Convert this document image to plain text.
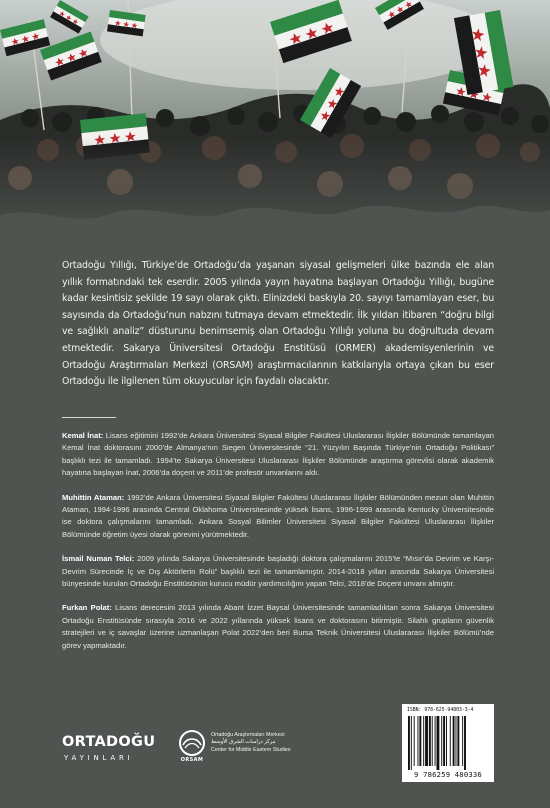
Ortadoğu Yıllığı, Türkiye’de Ortadoğu’da yaşanan siyasal gelişmeleri ülke bazında ele alan yıllık formatındaki tek eserdir. 2005 yılında yayın hayatına başlayan Ortadoğu Yıllığı, bugüne kadar kesintisiz şekilde 19 sayı olarak çıktı. Elinizdeki baskıyla 20. sayıyı tamamlayan eser, bu sayısında da Ortadoğu’nun nabzını tutmaya devam etmektedir. İlk yıldan itibaren “doğru bilgi ve sağlıklı analiz” düsturunu benimsemiş olan Ortadoğu Yıllığı yoluna bu doğrultuda devam etmektedir. Sakarya Üniversitesi Ortadoğu Enstitüsü (ORMER) akademisyenlerinin ve Ortadoğu Araştırmaları Merkezi (ORSAM) araştırmacılarının katkılarıyla ortaya çıkan bu eser Ortadoğu ile ilgilenen tüm okuyucular için faydalı olacaktır.

Kemal İnat: Lisans eğitimini 1992’de Ankara Üniversitesi Siyasal Bilgiler Fakültesi Uluslararası İlişkiler Bölümünde tamamlayan Kemal İnat doktorasını 2000’de Almanya’nın Siegen Üniversitesinde “21. Yüzyılın Başında Türkiye’nin Ortadoğu Politikası” başlıklı tezi ile tamamladı. 1994’te Sakarya Üniversitesi Uluslararası İlişkiler Bölümünde araştırma görevlisi olarak akademik hayatına başlayan İnat, 2006’da doçent ve 2011’de profesör unvanlarını aldı.

Muhittin Ataman: 1992’de Ankara Üniversitesi Siyasal Bilgiler Fakültesi Uluslararası İlişkiler Bölümünden mezun olan Muhittin Ataman, 1994-1996 arasında Central Oklahoma Üniversitesinde yüksek lisans, 1996-1999 arasında Kentucky Üniversitesinde ise doktora çalışmalarını tamamladı. Ankara Sosyal Bilimler Üniversitesi Siyasal Bilgiler Fakültesi Uluslararası İlişkiler Bölümünde öğretim üyesi olarak görevini yürütmektedir.

İsmail Numan Telci: 2009 yılında Sakarya Üniversitesinde başladığı doktora çalışmalarını 2015’te “Mısır’da Devrim ve Karşı-Devrim Sürecinde İç ve Dış Aktörlerin Rolü” başlıklı tezi ile tamamlamıştır. 2014-2018 yılları arasında Sakarya Üniversitesi bünyesinde kurulan Ortadoğu Enstitüsünün kurucu müdür yardımcılığını yapan Telci, 2018’de Doçent unvanı almıştır.

Furkan Polat: Lisans derecesini 2013 yılında Abant İzzet Baysal Üniversitesinde tamamladıktan sonra Sakarya Üniversitesi Ortadoğu Enstitüsünde sırasıyla 2016 ve 2022 yıllarında yüksek lisans ve doktorasını bitirmiştir. Silahlı grupların güvenlik stratejileri ve iç savaşlar üzerine uzmanlaşan Polat 2022’den beri Bursa Teknik Üniversitesi Uluslararası İlişkiler Bölümü’nde görev yapmaktadır.

ORTADOĞU
YAYINLARI	ORSAM
Ortadoğu Araştırmaları Merkezi
مركز دراسات الشرق الأوسط
Center for Middle Eastern Studies
ISBN: 978-625-94803-3-4
9 786259 480336
